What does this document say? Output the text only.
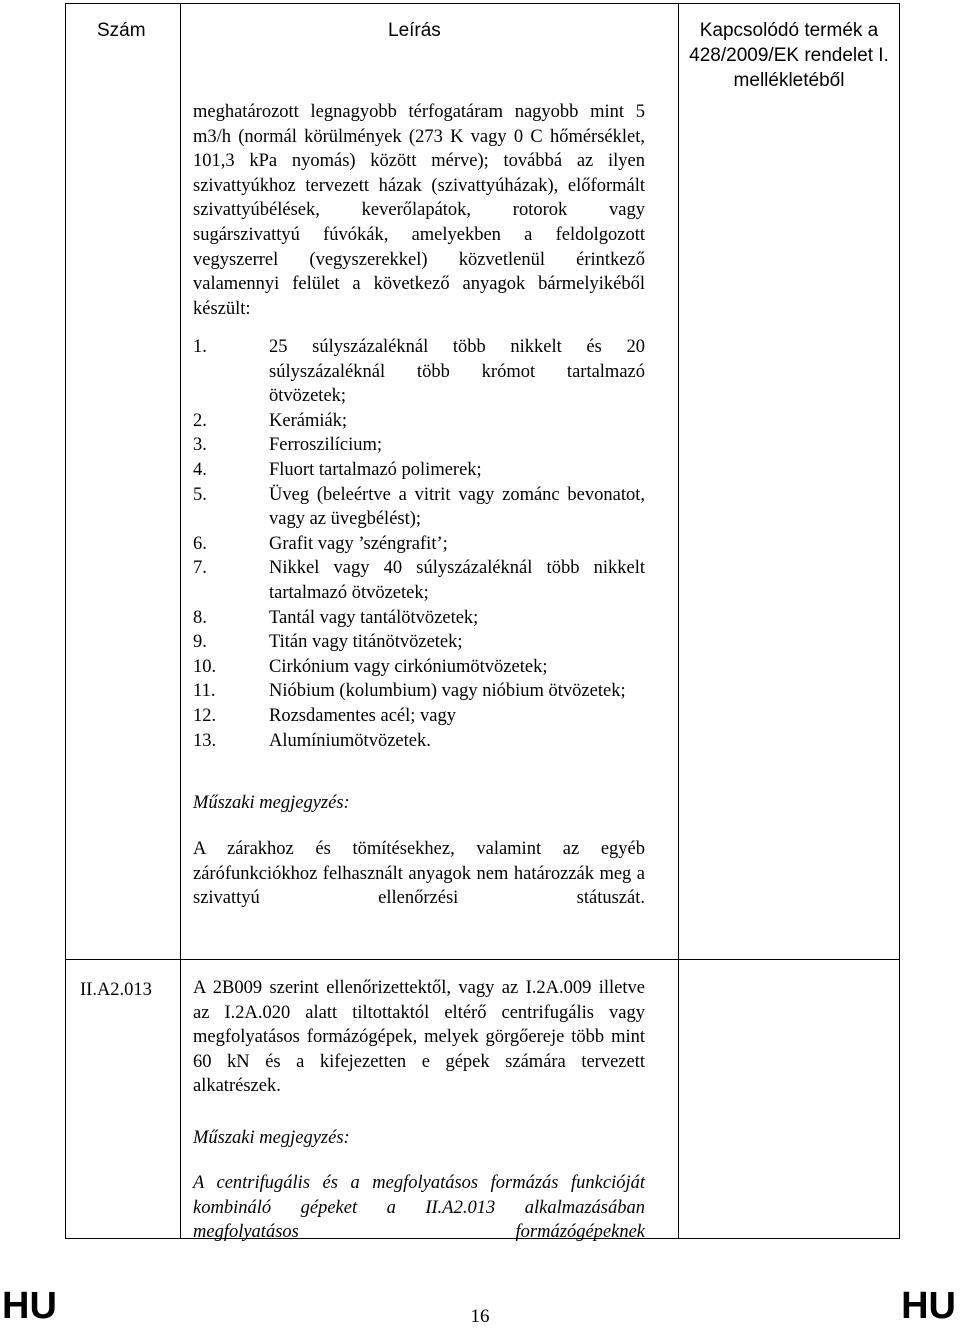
Szám	Leírás	Kapcsolódó termék a 428/2009/EK rendelet I. mellékletéből
meghatározott legnagyobb térfogatáram nagyobb mint 5 m3/h (normál körülmények (273 K vagy 0 C hőmérséklet, 101,3 kPa nyomás) között mérve); továbbá az ilyen szivattyúkhoz tervezett házak (szivattyúházak), előformált szivattyúbélések, keverőlapátok, rotorok vagy sugárszivattyú fúvókák, amelyekben a feldolgozott vegyszerrel (vegyszerekkel) közvetlenül érintkező valamennyi felület a következő anyagok bármelyikéből készült:
1.	25 súlyszázaléknál több nikkelt és 20 súlyszázaléknál több krómot tartalmazó ötvözetek;
2.	Kerámiák;
3.	Ferroszilícium;
4.	Fluort tartalmazó polimerek;
5.	Üveg (beleértve a vitrit vagy zománc bevonatot, vagy az üvegbélést);
6.	Grafit vagy ’széngrafit’;
7.	Nikkel vagy 40 súlyszázaléknál több nikkelt tartalmazó ötvözetek;
8.	Tantál vagy tantálötvözetek;
9.	Titán vagy titánötvözetek;
10.	Cirkónium vagy cirkóniumötvözetek;
11.	Nióbium (kolumbium) vagy nióbium ötvözetek;
12.	Rozsdamentes acél; vagy
13.	Alumíniumötvözetek.
Műszaki megjegyzés:
A zárakhoz és tömítésekhez, valamint az egyéb zárófunkciókhoz felhasznált anyagok nem határozzák meg a szivattyú ellenőrzési státuszát.
II.A2.013 A 2B009 szerint ellenőrizettektől, vagy az I.2A.009 illetve az I.2A.020 alatt tiltottaktól eltérő centrifugális vagy megfolyatásos formázógépek, melyek görgőereje több mint 60 kN és a kifejezetten e gépek számára tervezett alkatrészek.
Műszaki megjegyzés:
A centrifugális és a megfolyatásos formázás funkcióját kombináló gépeket a II.A2.013 alkalmazásában megfolyatásos formázógépeknek
HU	16	HU
